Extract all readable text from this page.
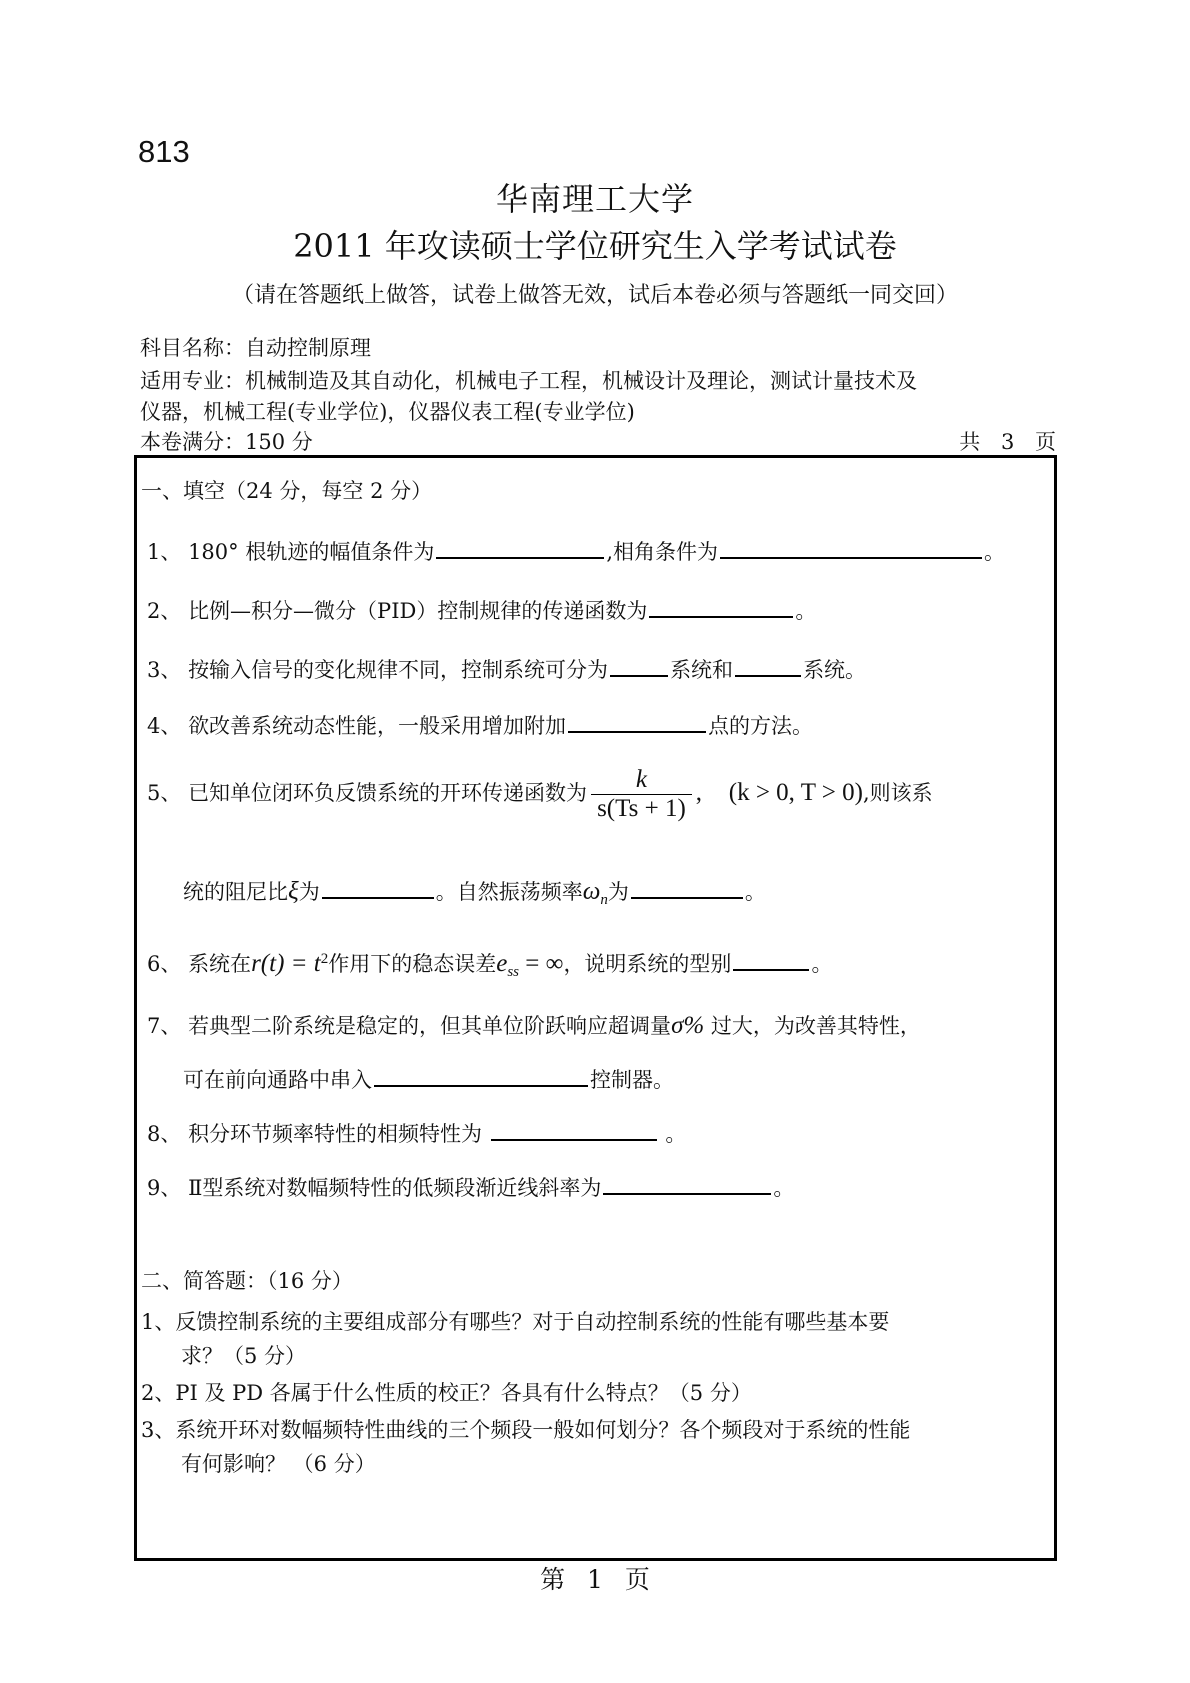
813
华南理工大学
2011 年攻读硕士学位研究生入学考试试卷
（请在答题纸上做答，试卷上做答无效，试后本卷必须与答题纸一同交回）
科目名称：自动控制原理
适用专业：机械制造及其自动化，机械电子工程，机械设计及理论，测试计量技术及
仪器，机械工程(专业学位)，仪器仪表工程(专业学位)
本卷满分：150 分	共 3 页
一、填空（24 分，每空 2 分）
1、 180° 根轨迹的幅值条件为	,相角条件为	。
2、 比例—积分—微分（PID）控制规律的传递函数为	。
3、 按输入信号的变化规律不同，控制系统可分为	系统和	系统。
4、 欲改善系统动态性能，一般采用增加附加	点的方法。
5、 已知单位闭环负反馈系统的开环传递函数为 $\frac{k}{s(Ts + 1)}$ , (k > 0, T > 0),则该系
统的阻尼比ξ为	。自然振荡频率$\omega_n$为	。
6、 系统在$r(t) = t^2$作用下的稳态误差$e_{ss}$ = ∞，说明系统的型别	。
7、 若典型二阶系统是稳定的，但其单位阶跃响应超调量σ% 过大，为改善其特性，
可在前向通路中串入	控制器。
8、 积分环节频率特性的相频特性为	。
9、 Ⅱ型系统对数幅频特性的低频段渐近线斜率为	。
二、简答题：（16 分）
1、反馈控制系统的主要组成部分有哪些？对于自动控制系统的性能有哪些基本要
求？（5 分）
2、PI 及 PD 各属于什么性质的校正？各具有什么特点？（5 分）
3、系统开环对数幅频特性曲线的三个频段一般如何划分？各个频段对于系统的性能
有何影响？ （6 分）
第 1 页
